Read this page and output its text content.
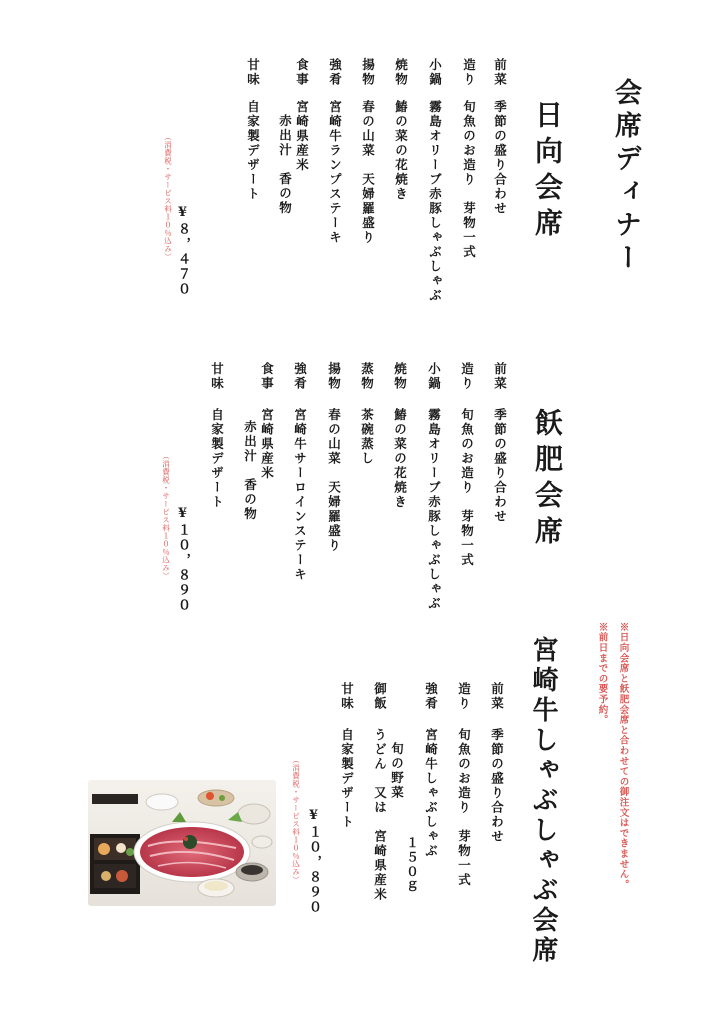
会席ディナー
日向会席
前菜
季節の盛り合わせ
造り
旬魚のお造り　芽物一式
小鍋
霧島オリーブ赤豚しゃぶしゃぶ
焼物
鰆の菜の花焼き
揚物
春の山菜　天婦羅盛り
強肴
宮崎牛ランプステーキ
食事
宮崎県産米
赤出汁　香の物
甘味
自家製デザート
¥８，４７０
（消費税・サービス料１０％込み）
飫肥会席
前菜
季節の盛り合わせ
造り
旬魚のお造り　芽物一式
小鍋
霧島オリーブ赤豚しゃぶしゃぶ
焼物
鰆の菜の花焼き
蒸物
茶碗蒸し
揚物
春の山菜　天婦羅盛り
強肴
宮崎牛サーロインステーキ
食事
宮崎県産米
赤出汁　香の物
甘味
自家製デザート
¥１０，８９０
（消費税・サービス料１０％込み）
宮崎牛しゃぶしゃぶ会席	※日向会席と飫肥会席と合わせての御注文はできません。
※前日までの要予約。
前菜
季節の盛り合わせ
造り
旬魚のお造り　芽物一式
強肴
宮崎牛しゃぶしゃぶ
１５０ｇ
旬の野菜
御飯
うどん　又は　宮崎県産米
甘味
自家製デザート
¥１０，８９０
（消費税・サービス料１０％込み）
